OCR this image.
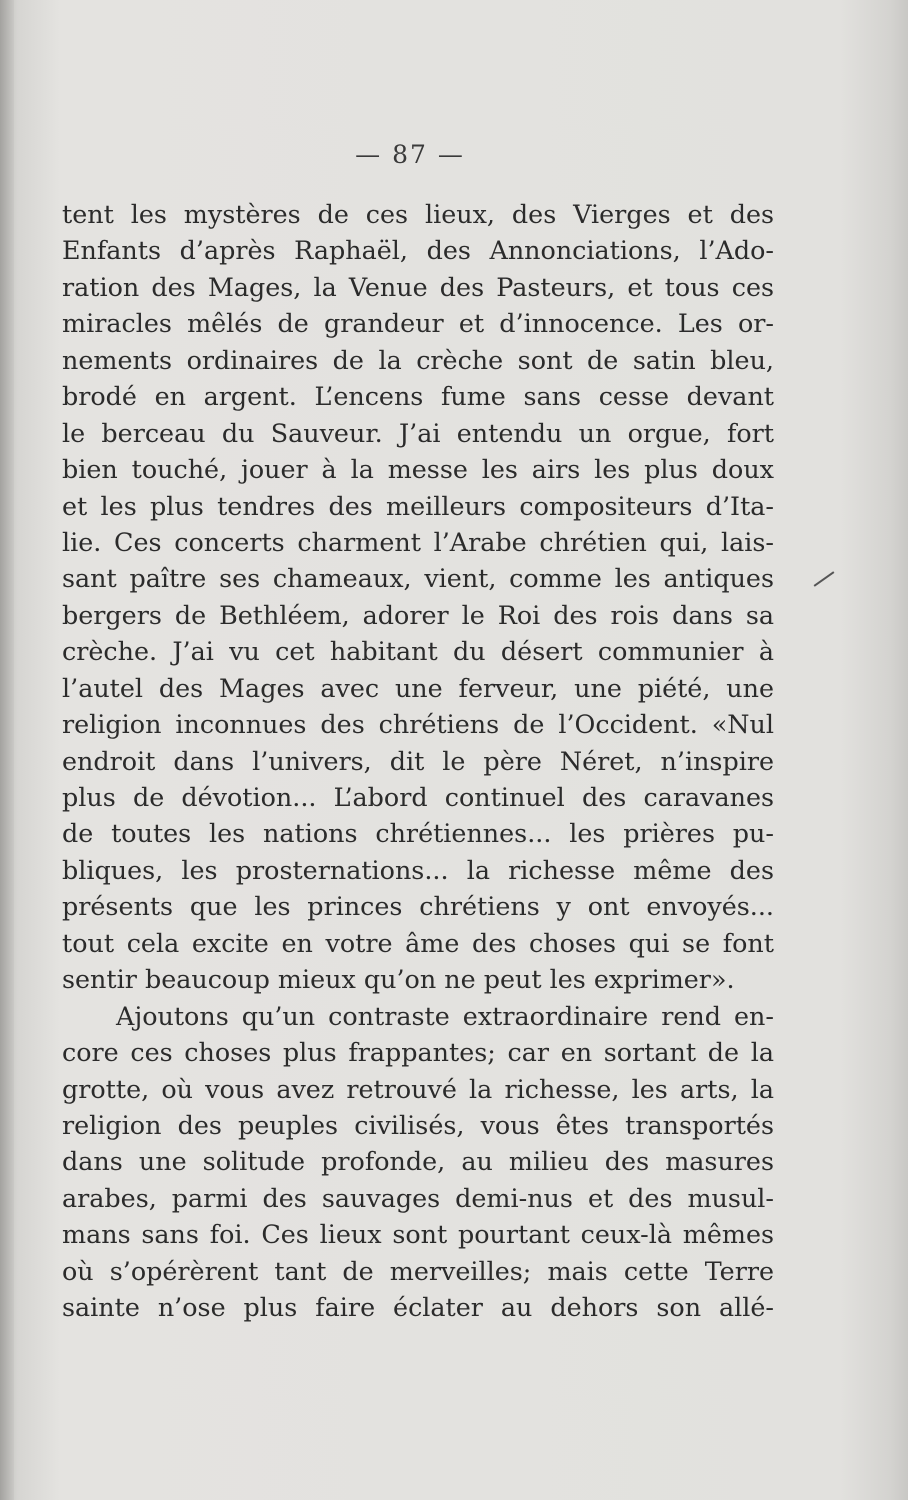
— 87 —
tent les mystères de ces lieux, des Vierges et des
Enfants d’après Raphaël, des Annonciations, l’Ado-
ration des Mages, la Venue des Pasteurs, et tous ces
miracles mêlés de grandeur et d’innocence. Les or-
nements ordinaires de la crèche sont de satin bleu,
brodé en argent. L’encens fume sans cesse devant
le berceau du Sauveur. J’ai entendu un orgue, fort
bien touché, jouer à la messe les airs les plus doux
et les plus tendres des meilleurs compositeurs d’Ita-
lie. Ces concerts charment l’Arabe chrétien qui, lais-
sant paître ses chameaux, vient, comme les antiques
bergers de Bethléem, adorer le Roi des rois dans sa
crèche. J’ai vu cet habitant du désert communier à
l’autel des Mages avec une ferveur, une piété, une
religion inconnues des chrétiens de l’Occident. «Nul
endroit dans l’univers, dit le père Néret, n’inspire
plus de dévotion... L’abord continuel des caravanes
de toutes les nations chrétiennes... les prières pu-
bliques, les prosternations... la richesse même des
présents que les princes chrétiens y ont envoyés...
tout cela excite en votre âme des choses qui se font
sentir beaucoup mieux qu’on ne peut les exprimer».
Ajoutons qu’un contraste extraordinaire rend en-
core ces choses plus frappantes; car en sortant de la
grotte, où vous avez retrouvé la richesse, les arts, la
religion des peuples civilisés, vous êtes transportés
dans une solitude profonde, au milieu des masures
arabes, parmi des sauvages demi-nus et des musul-
mans sans foi. Ces lieux sont pourtant ceux-là mêmes
où s’opérèrent tant de merveilles; mais cette Terre
sainte n’ose plus faire éclater au dehors son allé-
